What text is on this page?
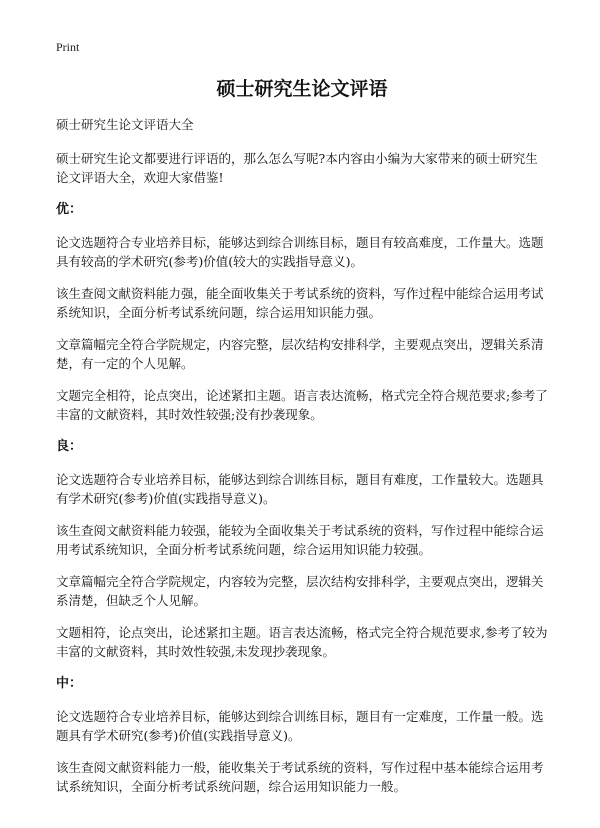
Print

硕士研究生论文评语

硕士研究生论文评语大全

硕士研究生论文都要进行评语的，那么怎么写呢?本内容由小编为大家带来的硕士研究生论文评语大全，欢迎大家借鉴!

优：

论文选题符合专业培养目标，能够达到综合训练目标，题目有较高难度，工作量大。选题具有较高的学术研究(参考)价值(较大的实践指导意义)。

该生查阅文献资料能力强，能全面收集关于考试系统的资料，写作过程中能综合运用考试系统知识，全面分析考试系统问题，综合运用知识能力强。

文章篇幅完全符合学院规定，内容完整，层次结构安排科学，主要观点突出，逻辑关系清楚，有一定的个人见解。

文题完全相符，论点突出，论述紧扣主题。语言表达流畅，格式完全符合规范要求;参考了丰富的文献资料，其时效性较强;没有抄袭现象。

良：

论文选题符合专业培养目标，能够达到综合训练目标，题目有难度，工作量较大。选题具有学术研究(参考)价值(实践指导意义)。

该生查阅文献资料能力较强，能较为全面收集关于考试系统的资料，写作过程中能综合运用考试系统知识，全面分析考试系统问题，综合运用知识能力较强。

文章篇幅完全符合学院规定，内容较为完整，层次结构安排科学，主要观点突出，逻辑关系清楚，但缺乏个人见解。

文题相符，论点突出，论述紧扣主题。语言表达流畅，格式完全符合规范要求,参考了较为丰富的文献资料，其时效性较强,未发现抄袭现象。

中：

论文选题符合专业培养目标，能够达到综合训练目标，题目有一定难度，工作量一般。选题具有学术研究(参考)价值(实践指导意义)。

该生查阅文献资料能力一般，能收集关于考试系统的资料，写作过程中基本能综合运用考试系统知识，全面分析考试系统问题，综合运用知识能力一般。
